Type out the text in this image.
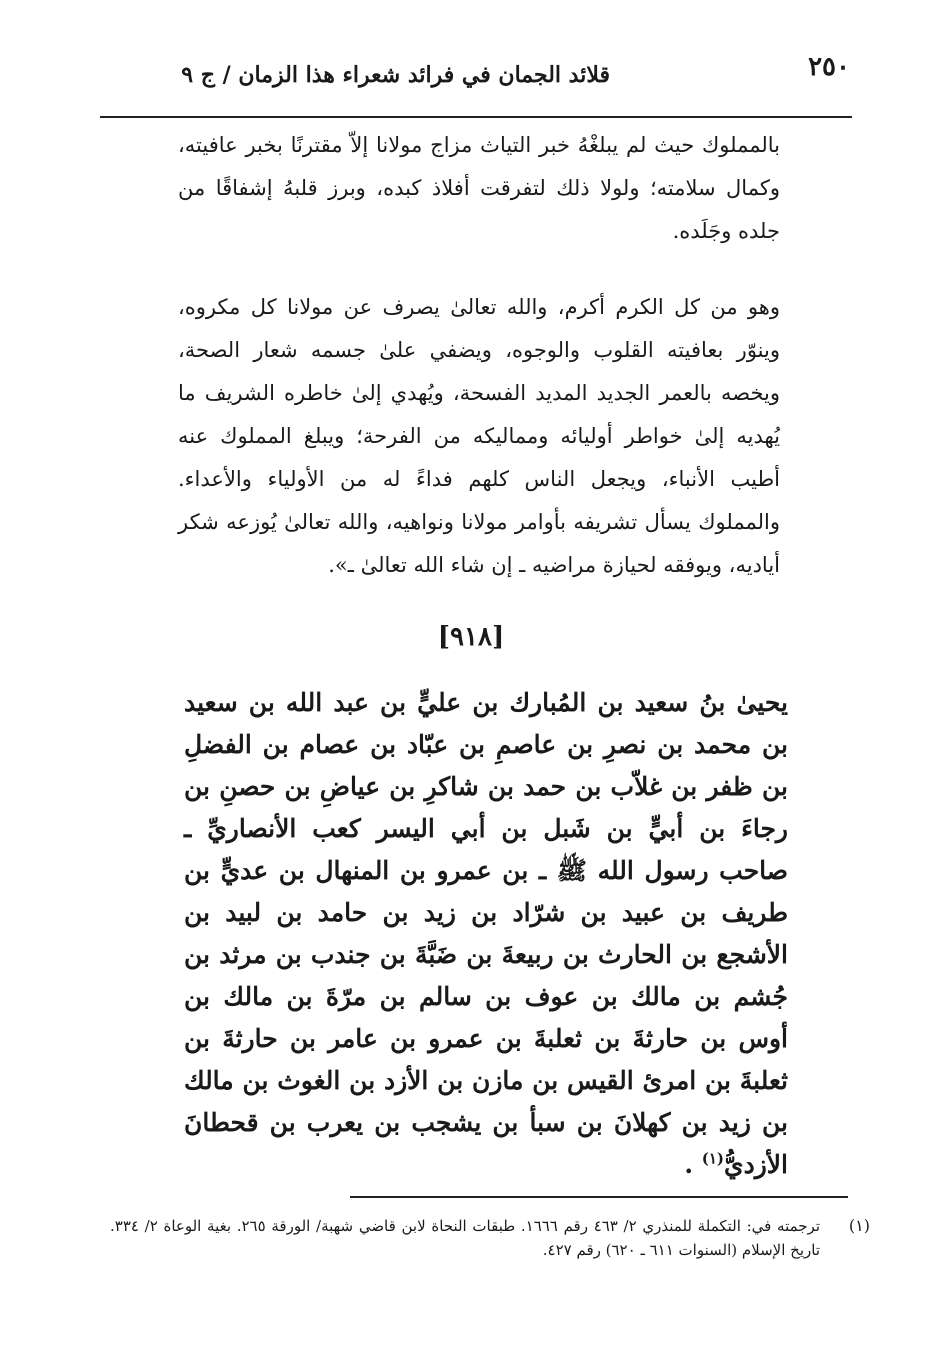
٢٥٠
قلائد الجمان في فرائد شعراء هذا الزمان / ج ٩
بالمملوك حيث لم يبلغْهُ خبر التياث مزاج مولانا إلاّ مقترنًا بخبر عافيته، وكمال سلامته؛ ولولا ذلك لتفرقت أفلاذ كبده، وبرز قلبهُ إشفاقًا من جلده وجَلَده.
وهو من كل الكرم أكرم، والله تعالىٰ يصرف عن مولانا كل مكروه، وينوّر بعافيته القلوب والوجوه، ويضفي علىٰ جسمه شعار الصحة، ويخصه بالعمر الجديد المديد الفسحة، ويُهدي إلىٰ خاطره الشريف ما يُهديه إلىٰ خواطر أوليائه ومماليكه من الفرحة؛ ويبلغ المملوك عنه أطيب الأنباء، ويجعل الناس كلهم فداءً له من الأولياء والأعداء. والمملوك يسأل تشريفه بأوامر مولانا ونواهيه، والله تعالىٰ يُوزعه شكر أياديه، ويوفقه لحيازة مراضيه ـ إن شاء الله تعالىٰ ـ».
[٩١٨]
يحيىٰ بنُ سعيد بن المُبارك بن عليٍّ بن عبد الله بن سعيد بن محمد بن نصرِ بن عاصمِ بن عبّاد بن عصام بن الفضلِ بن ظفر بن غلاّب بن حمد بن شاكرِ بن عياضِ بن حصنِ بن رجاءَ بن أبيٍّ بن شَبل بن أبي اليسر كعب الأنصاريِّ ـ صاحب رسول الله ﷺ ـ بن عمرو بن المنهال بن عديٍّ بن طريف بن عبيد بن شرّاد بن زيد بن حامد بن لبيد بن الأشجع بن الحارث بن ربيعةَ بن ضَبَّةَ بن جندب بن مرثد بن جُشم بن مالك بن عوف بن سالم بن مرّةَ بن مالك بن أوس بن حارثةَ بن ثعلبةَ بن عمرو بن عامر بن حارثةَ بن ثعلبةَ بن امرئ القيس بن مازن بن الأزد بن الغوث بن مالك بن زيد بن كهلانَ بن سبأ بن يشجب بن يعرب بن قحطانَ الأزديُّ$^{(١)}$ .
(١)
ترجمته في: التكملة للمنذري ٢/ ٤٦٣ رقم ١٦٦٦. طبقات النحاة لابن قاضي شهبة/ الورقة ٢٦٥. بغية الوعاة ٢/ ٣٣٤. تاريخ الإسلام (السنوات ٦١١ ـ ٦٢٠) رقم ٤٢٧.
